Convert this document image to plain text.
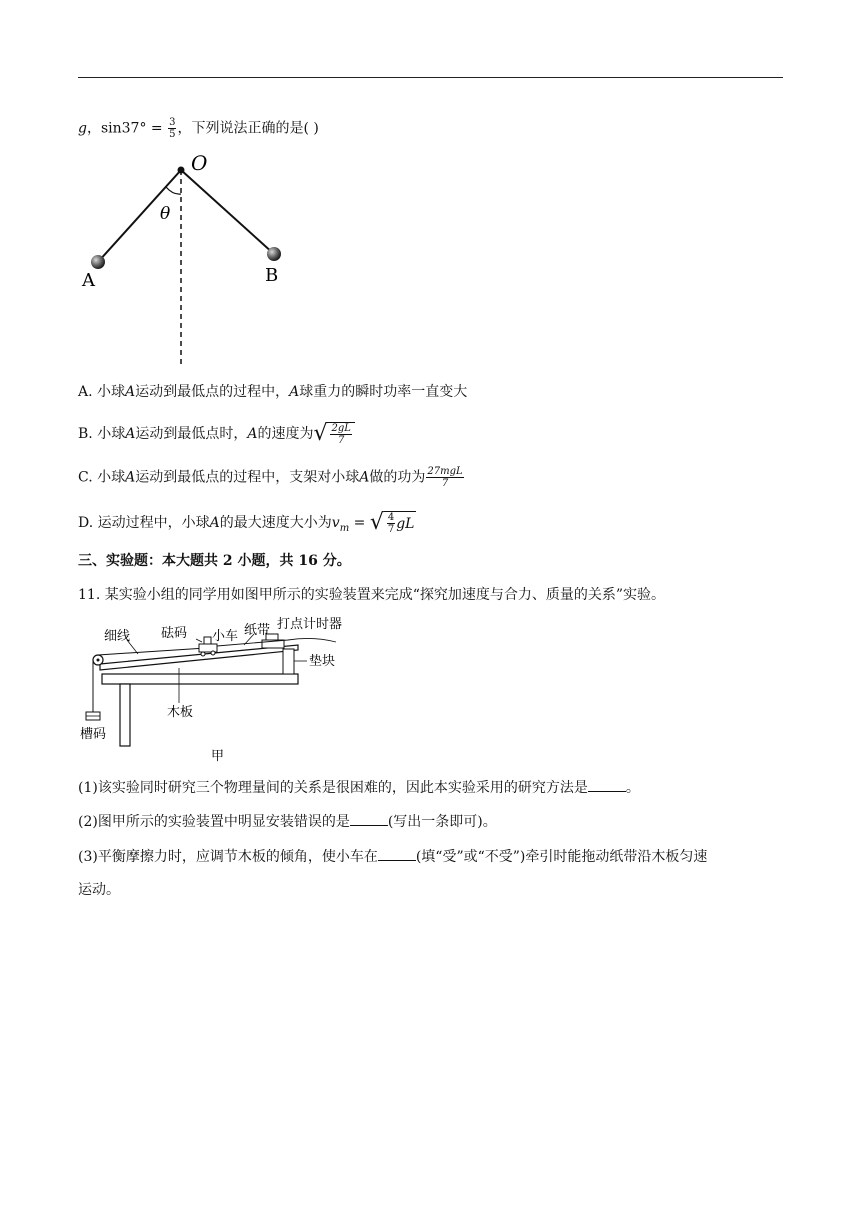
g，$\sin 37^\circ = \frac{3}{5}$ ，下列说法正确的是( )
O
θ
A	B
A. 小球A运动到最低点的过程中，A球重力的瞬时功率一直变大
B. 小球A运动到最低点时，A的速度为 √ $\frac{2gL}{7}$
C. 小球A运动到最低点的过程中，支架对小球A做的功为 $\frac{\text{27mgL}}{7}$
D. 运动过程中，小球A的最大速度大小为$v_m$ = √ $\frac{4}{7}$ gL
三、实验题：本大题共 2 小题，共 16 分。
11. 某实验小组的同学用如图甲所示的实验装置来完成“探究加速度与合力、质量的关系”实验。
细线 砝码 小车 纸带 打点计时器
垫块
木板
槽码
甲
(1)该实验同时研究三个物理量间的关系是很困难的，因此本实验采用的研究方法是	。
(2)图甲所示的实验装置中明显安装错误的是	(写出一条即可)。
(3)平衡摩擦力时，应调节木板的倾角，使小车在	(填“受”或“不受”)牵引时能拖动纸带沿木板匀速
运动。
